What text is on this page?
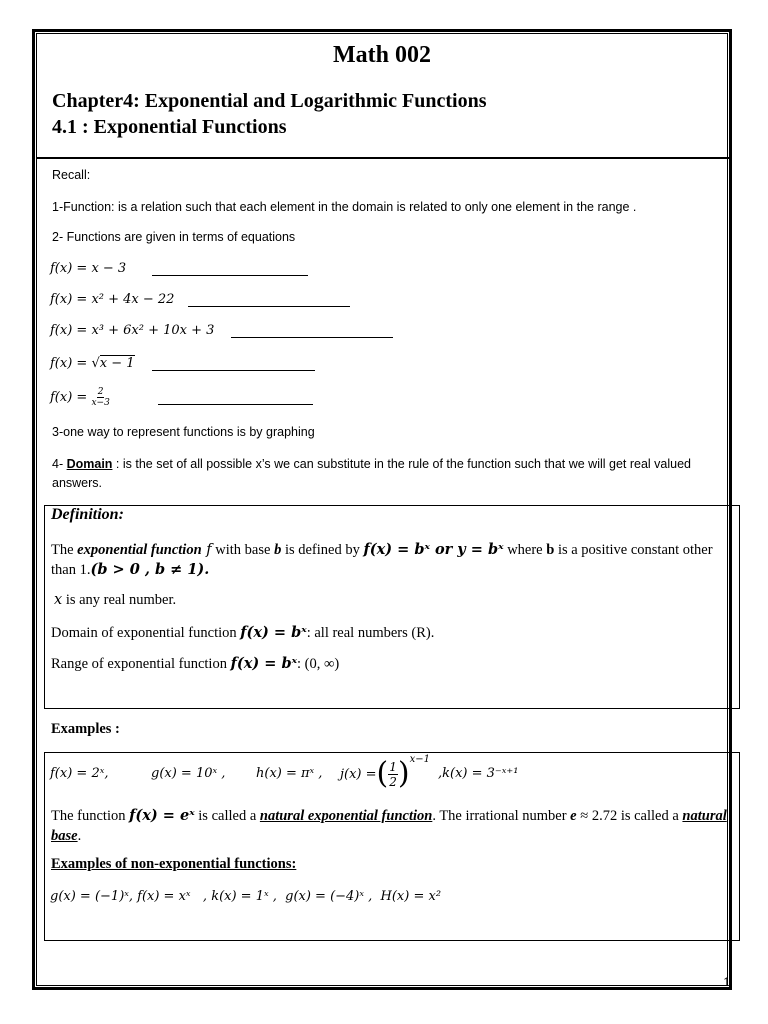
Math 002
Chapter4: Exponential and Logarithmic Functions
4.1 : Exponential Functions
Recall:
1-Function: is a relation such that each element in the domain is related to only one element in the range .
2- Functions are given in terms of equations
f(x) = x − 3
f(x) = x² + 4x − 22
f(x) = x³ + 6x² + 10x + 3
f(x) = √x − 1
$f(x) = \frac{2}{x-3}$
3-one way to represent functions is by graphing
4- Domain : is the set of all possible x’s we can substitute in the rule of the function such that we will get real valued answers.
Definition:
The exponential function f with base b is defined by f(x) = bˣ or y = bˣ where b is a positive constant other than 1.(b > 0 , b ≠ 1).
x is any real number.
Domain of exponential function f(x) = bˣ: all real numbers (R).
Range of exponential function f(x) = bˣ: (0, ∞)
Examples :
f(x) = 2ˣ,	g(x) = 10ˣ , h(x) = πˣ , j(x) = ( $\frac{1}{2}$ ) x−1
,k(x) = 3⁻ˣ⁺¹
The function f(x) = eˣ is called a natural exponential function. The irrational number e ≈ 2.72 is called a natural base.
Examples of non-exponential functions:
g(x) = (−1)ˣ, f(x) = xˣ   , k(x) = 1ˣ ,  g(x) = (−4)ˣ ,  H(x) = x²
1
